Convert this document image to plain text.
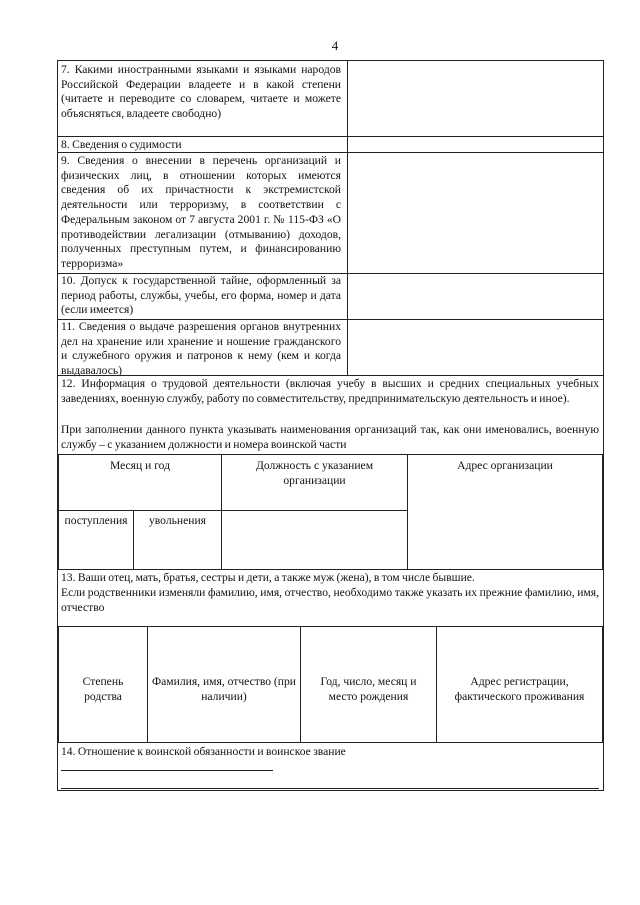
4
7. Какими иностранными языками и языками народов Российской Федерации владеете и в какой степени (читаете и переводите со словарем, читаете и можете объясняться, владеете свободно)
8. Сведения о судимости
9. Сведения о внесении в перечень организаций и физических лиц, в отношении которых имеются сведения об их причастности к экстремистской деятельности или терроризму, в соответствии с Федеральным законом от 7 августа 2001 г. № 115-ФЗ «О противодействии легализации (отмыванию) доходов, полученных преступным путем, и финансированию терроризма»
10. Допуск к государственной тайне, оформленный за период работы, службы, учебы, его форма, номер и дата (если имеется)
11. Сведения о выдаче разрешения органов внутренних дел на хранение или хранение и ношение гражданского и служебного оружия и патронов к нему (кем и когда выдавалось)
12. Информация о трудовой деятельности (включая учебу в высших и средних специальных учебных заведениях, военную службу, работу по совместительству, предпринимательскую деятельность и иное).
При заполнении данного пункта указывать наименования организаций так, как они именовались, военную службу – с указанием должности и номера воинской части
Месяц и год
поступления	увольнения
Должность с указанием организации
Адрес организации
13. Ваши отец, мать, братья, сестры и дети, а также муж (жена), в том числе бывшие.
Если родственники изменяли фамилию, имя, отчество, необходимо также указать их прежние фамилию, имя, отчество
Степень родства
Фамилия, имя, отчество (при наличии)
Год, число, месяц и место рождения
Адрес регистрации, фактического проживания
14. Отношение к воинской обязанности и воинское звание
